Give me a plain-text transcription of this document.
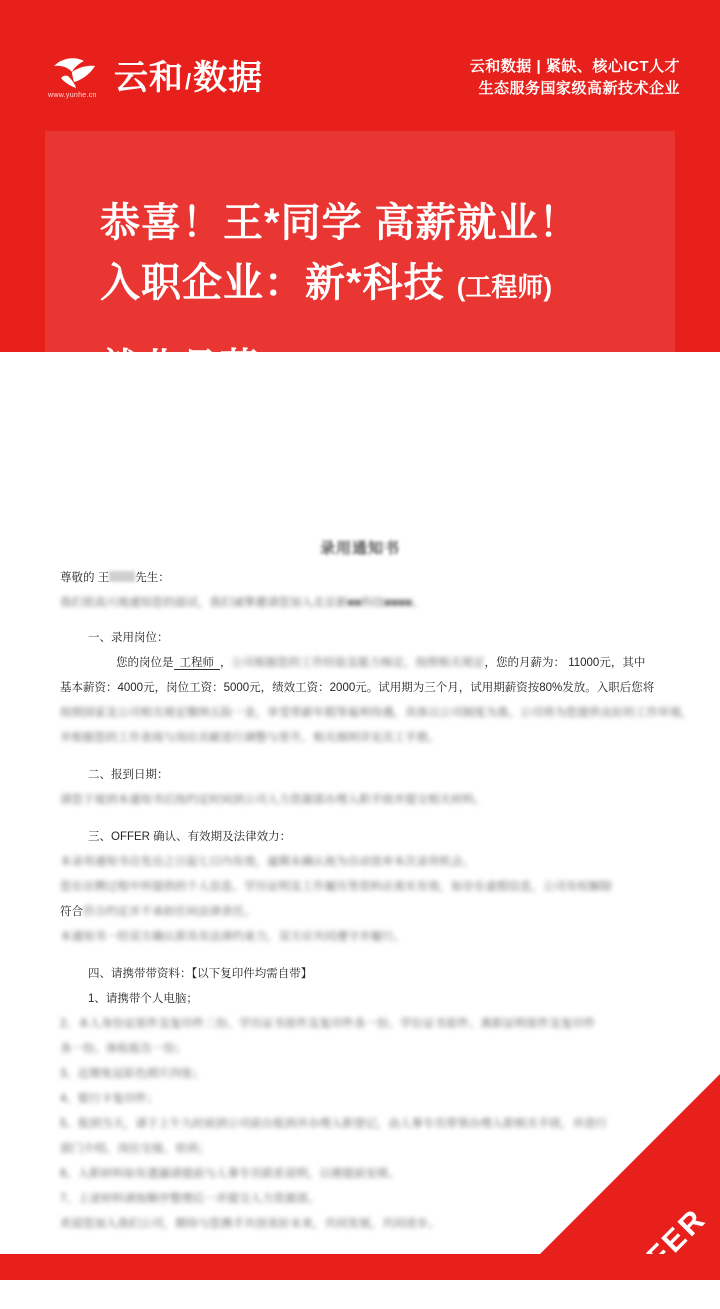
www.yunhe.cn 云和/数据	云和数据 | 紧缺、核心ICT人才
生态服务国家级高新技术企业
恭喜！王*同学 高薪就业！
入职企业：新*科技 (工程师)
录用通知书
尊敬的 王 先生：
我们很高兴地通知您的面试，我们诚挚邀请您加入北京新■■科技■■■■。
一、录用岗位：
您的岗位是 工程师 ，公司根据您的工作经验及能力核定，按照相关规定，您的月薪为： 11000元，其中
基本薪资：4000元，岗位工资：5000元，绩效工资：2000元。试用期为三个月，试用期薪资按80%发放。入职后您将
按照国家及公司相关规定缴纳五险一金，享受带薪年假等福利待遇，具体以公司制度为准。公司将为您提供良好的工作环境，
并根据您的工作表现与岗位贡献进行调整与晋升，相关细则详见员工手册。
二、报到日期：
请您于接到本通知书后按约定时间到公司人力资源部办理入职手续并提交相关材料。
三、OFFER 确认、有效期及法律效力：
本录用通知书自发出之日起七日内有效，逾期未确认视为自动放弃本次录用机会。
您在应聘过程中所提供的个人信息、学历证明及工作履历等资料应真实有效，如存在虚假信息，公司有权解除
符合符合约定并不承担任何法律责任。
本通知书一经双方确认即具有法律约束力，双方应共同遵守并履行。
四、请携带带资料：【以下复印件均需自带】
1、请携带个人电脑；
2、本人身份证原件及复印件二份、学历证书原件及复印件各一份、学位证书原件、离职证明原件及复印件
各一份、体检报告一份；
3、近期免冠彩色照片四张；
4、银行卡复印件；
5、报到当天，请于上午九时前到公司前台报到并办理入职登记，由人事专员带领办理入职相关手续，并进行
部门介绍、岗位交接、培训；
6、入职材料如有遗漏请提前与人事专员联系说明，以便提前安排。
7、上述材料请按顺序整理后一并提交人力资源部。
欢迎您加入我们公司，期待与您携手共创美好未来，共同发展，共同进步。
